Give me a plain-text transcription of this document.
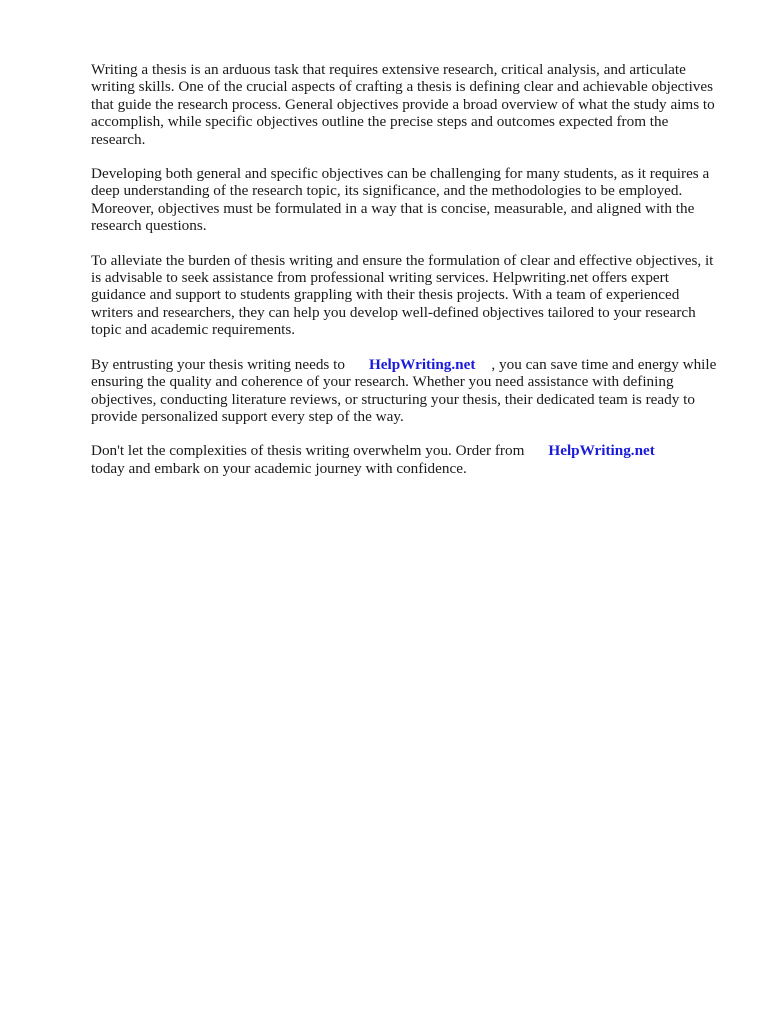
Writing a thesis is an arduous task that requires extensive research, critical analysis, and articulate writing skills. One of the crucial aspects of crafting a thesis is defining clear and achievable objectives that guide the research process. General objectives provide a broad overview of what the study aims to accomplish, while specific objectives outline the precise steps and outcomes expected from the research.

Developing both general and specific objectives can be challenging for many students, as it requires a deep understanding of the research topic, its significance, and the methodologies to be employed. Moreover, objectives must be formulated in a way that is concise, measurable, and aligned with the research questions.

To alleviate the burden of thesis writing and ensure the formulation of clear and effective objectives, it is advisable to seek assistance from professional writing services. Helpwriting.net offers expert guidance and support to students grappling with their thesis projects. With a team of experienced writers and researchers, they can help you develop well-defined objectives tailored to your research topic and academic requirements.

By entrusting your thesis writing needs to HelpWriting.net , you can save time and energy while ensuring the quality and coherence of your research. Whether you need assistance with defining objectives, conducting literature reviews, or structuring your thesis, their dedicated team is ready to provide personalized support every step of the way.

Don't let the complexities of thesis writing overwhelm you. Order from HelpWriting.net
today and embark on your academic journey with confidence.
